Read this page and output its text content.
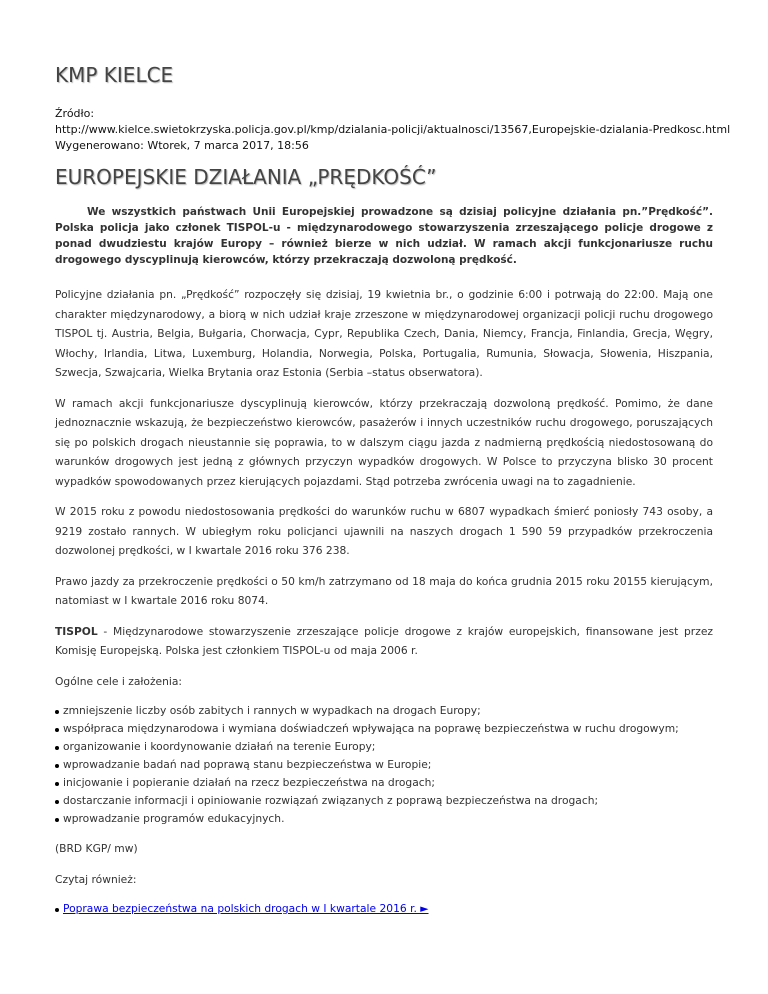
KMP KIELCE
Źródło:
http://www.kielce.swietokrzyska.policja.gov.pl/kmp/dzialania-policji/aktualnosci/13567,Europejskie-dzialania-Predkosc.html
Wygenerowano: Wtorek, 7 marca 2017, 18:56
EUROPEJSKIE DZIAŁANIA „PRĘDKOŚĆ”

We wszystkich państwach Unii Europejskiej prowadzone są dzisiaj policyjne działania pn.”Prędkość”. Polska policja jako członek TISPOL-u - międzynarodowego stowarzyszenia zrzeszającego policje drogowe z ponad dwudziestu krajów Europy – również bierze w nich udział. W ramach akcji funkcjonariusze ruchu drogowego dyscyplinują kierowców, którzy przekraczają dozwoloną prędkość.

Policyjne działania pn. „Prędkość” rozpoczęły się dzisiaj, 19 kwietnia br., o godzinie 6:00 i potrwają do 22:00. Mają one charakter międzynarodowy, a biorą w nich udział kraje zrzeszone w międzynarodowej organizacji policji ruchu drogowego TISPOL tj. Austria, Belgia, Bułgaria, Chorwacja, Cypr, Republika Czech, Dania, Niemcy, Francja, Finlandia, Grecja, Węgry, Włochy, Irlandia, Litwa, Luxemburg, Holandia, Norwegia, Polska, Portugalia, Rumunia, Słowacja, Słowenia, Hiszpania, Szwecja, Szwajcaria, Wielka Brytania oraz Estonia (Serbia –status obserwatora).

W ramach akcji funkcjonariusze dyscyplinują kierowców, którzy przekraczają dozwoloną prędkość. Pomimo, że dane jednoznacznie wskazują, że bezpieczeństwo kierowców, pasażerów i innych uczestników ruchu drogowego, poruszających się po polskich drogach nieustannie się poprawia, to w dalszym ciągu jazda z nadmierną prędkością niedostosowaną do warunków drogowych jest jedną z głównych przyczyn wypadków drogowych. W Polsce to przyczyna blisko 30 procent wypadków spowodowanych przez kierujących pojazdami. Stąd potrzeba zwrócenia uwagi na to zagadnienie.

W 2015 roku z powodu niedostosowania prędkości do warunków ruchu w 6807 wypadkach śmierć poniosły 743 osoby, a 9219 zostało rannych. W ubiegłym roku policjanci ujawnili na naszych drogach 1 590 59 przypadków przekroczenia dozwolonej prędkości, w I kwartale 2016 roku 376 238.

Prawo jazdy za przekroczenie prędkości o 50 km/h zatrzymano od 18 maja do końca grudnia 2015 roku 20155 kierującym, natomiast w I kwartale 2016 roku 8074.

TISPOL - Międzynarodowe stowarzyszenie zrzeszające policje drogowe z krajów europejskich, finansowane jest przez Komisję Europejską. Polska jest członkiem TISPOL-u od maja 2006 r.

Ogólne cele i założenia:

zmniejszenie liczby osób zabitych i rannych w wypadkach na drogach Europy;
współpraca międzynarodowa i wymiana doświadczeń wpływająca na poprawę bezpieczeństwa w ruchu drogowym;
organizowanie i koordynowanie działań na terenie Europy;
wprowadzanie badań nad poprawą stanu bezpieczeństwa w Europie;
inicjowanie i popieranie działań na rzecz bezpieczeństwa na drogach;
dostarczanie informacji i opiniowanie rozwiązań związanych z poprawą bezpieczeństwa na drogach;
wprowadzanie programów edukacyjnych.

(BRD KGP/ mw)

Czytaj również:

Poprawa bezpieczeństwa na polskich drogach w I kwartale 2016 r. ►
